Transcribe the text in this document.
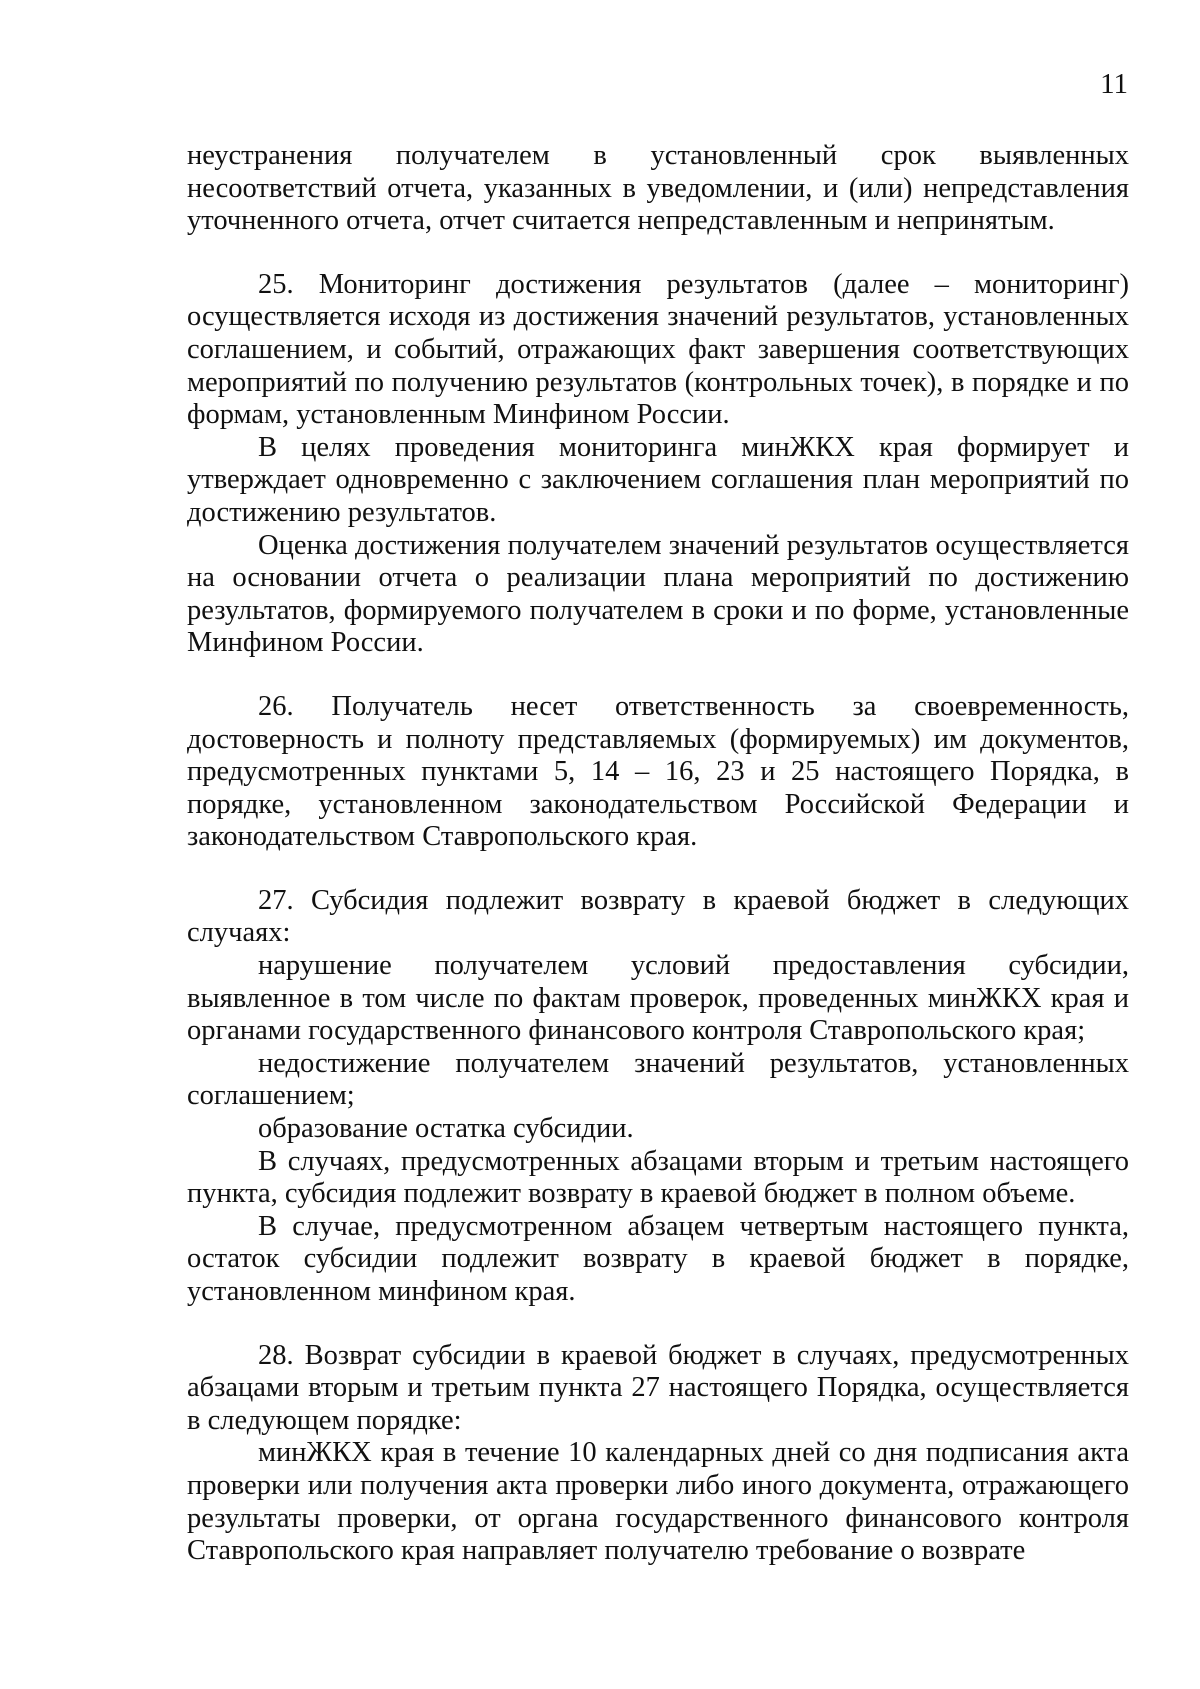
11

неустранения получателем в установленный срок выявленных несоответствий отчета, указанных в уведомлении, и (или) непредставления уточненного отчета, отчет считается непредставленным и непринятым.

25. Мониторинг достижения результатов (далее – мониторинг) осуществляется исходя из достижения значений результатов, установленных соглашением, и событий, отражающих факт завершения соответствующих мероприятий по получению результатов (контрольных точек), в порядке и по формам, установленным Минфином России.

В целях проведения мониторинга минЖКХ края формирует и утверждает одновременно с заключением соглашения план мероприятий по достижению результатов.

Оценка достижения получателем значений результатов осуществляется на основании отчета о реализации плана мероприятий по достижению результатов, формируемого получателем в сроки и по форме, установленные Минфином России.

26. Получатель несет ответственность за своевременность, достоверность и полноту представляемых (формируемых) им документов, предусмотренных пунктами 5, 14 – 16, 23 и 25 настоящего Порядка, в порядке, установленном законодательством Российской Федерации и законодательством Ставропольского края.

27. Субсидия подлежит возврату в краевой бюджет в следующих случаях:

нарушение получателем условий предоставления субсидии, выявленное в том числе по фактам проверок, проведенных минЖКХ края и органами государственного финансового контроля Ставропольского края;

недостижение получателем значений результатов, установленных соглашением;

образование остатка субсидии.

В случаях, предусмотренных абзацами вторым и третьим настоящего пункта, субсидия подлежит возврату в краевой бюджет в полном объеме.

В случае, предусмотренном абзацем четвертым настоящего пункта, остаток субсидии подлежит возврату в краевой бюджет в порядке, установленном минфином края.

28. Возврат субсидии в краевой бюджет в случаях, предусмотренных абзацами вторым и третьим пункта 27 настоящего Порядка, осуществляется в следующем порядке:

минЖКХ края в течение 10 календарных дней со дня подписания акта проверки или получения акта проверки либо иного документа, отражающего результаты проверки, от органа государственного финансового контроля Ставропольского края направляет получателю требование о возврате
